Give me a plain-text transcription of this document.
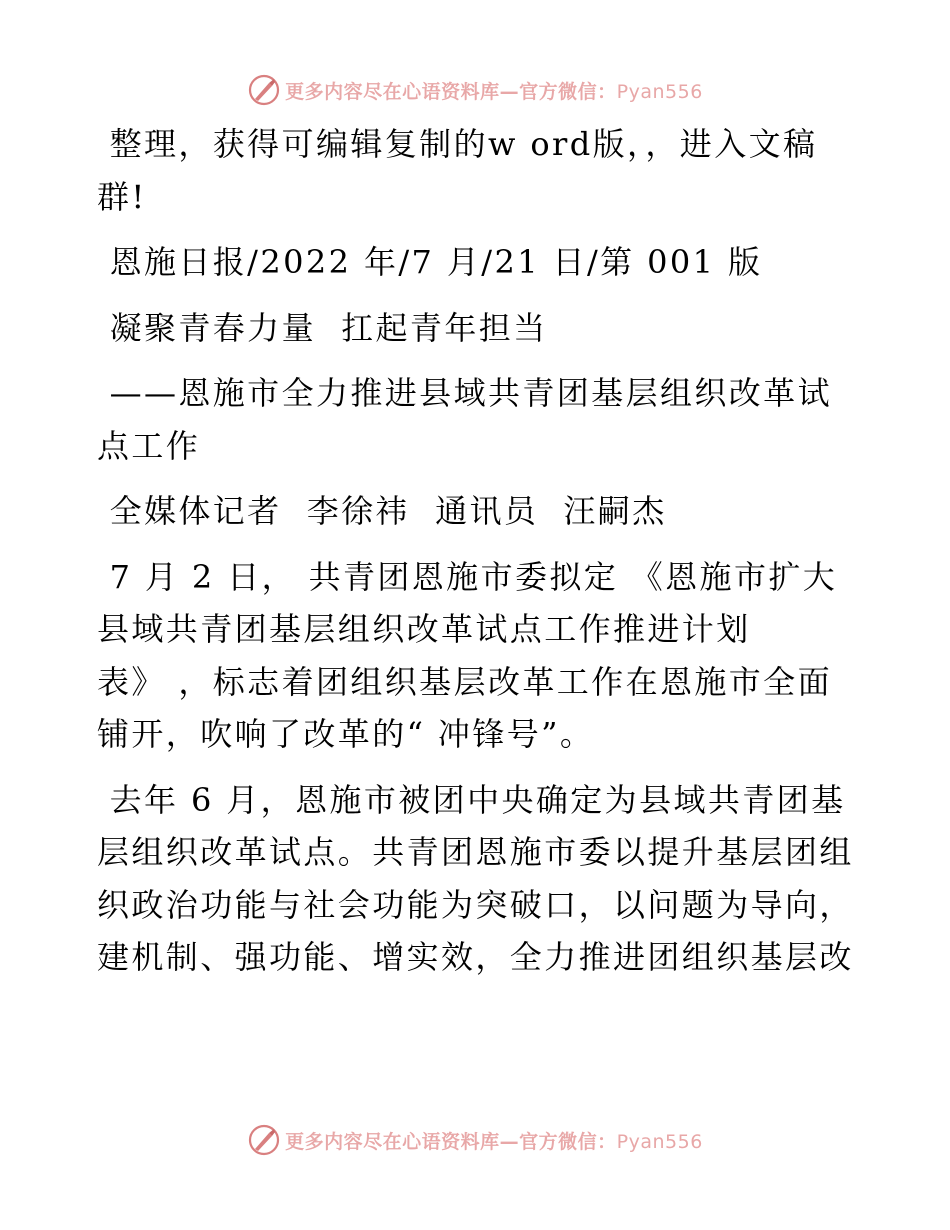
更多内容尽在心语资料库—官方微信：Pyan556

整理，获得可编辑复制的w ord版，，进入文稿
群!

恩施日报/2022 年/7 月/21 日/第 001 版

凝聚青春力量  扛起青年担当

——恩施市全力推进县域共青团基层组织改革试
点工作

全媒体记者  李徐祎  通讯员  汪嗣杰

7 月 2 日， 共青团恩施市委拟定 《恩施市扩大
县域共青团基层组织改革试点工作推进计划
表》 ，标志着团组织基层改革工作在恩施市全面
铺开，吹响了改革的“ 冲锋号”。

去年 6 月，恩施市被团中央确定为县域共青团基
层组织改革试点。共青团恩施市委以提升基层团组
织政治功能与社会功能为突破口，以问题为导向，
建机制、强功能、增实效，全力推进团组织基层改

更多内容尽在心语资料库—官方微信：Pyan556
